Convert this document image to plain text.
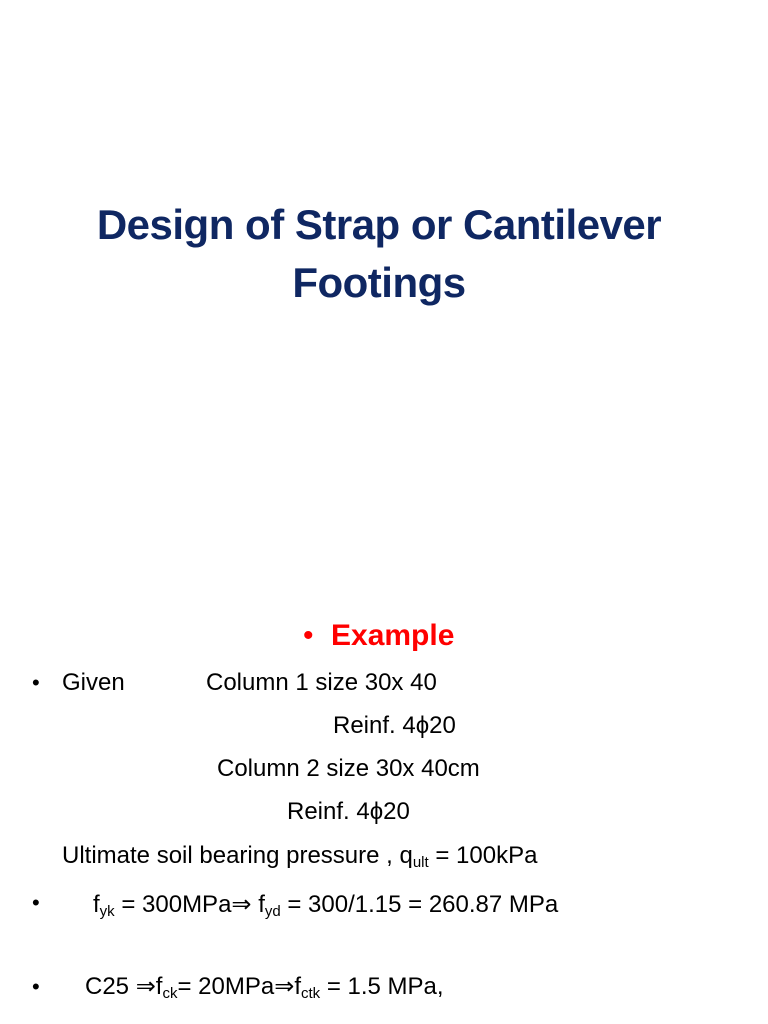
Design of Strap or Cantilever
Footings
• Example
• Given	Column 1 size 30x 40
Reinf. 4ϕ20
Column 2 size 30x 40cm
Reinf. 4ϕ20
Ultimate soil bearing pressure , $q_{ult} = 100kPa$
• $f_{yk}$ = 300MPa⇒ $f_{yd} = 300/1.15 = 260.87$ MPa
• C25 $\Rightarrow f_{ck}=$ $20MPa\Rightarrow f_{ctk} = 1.5$ MPa,
